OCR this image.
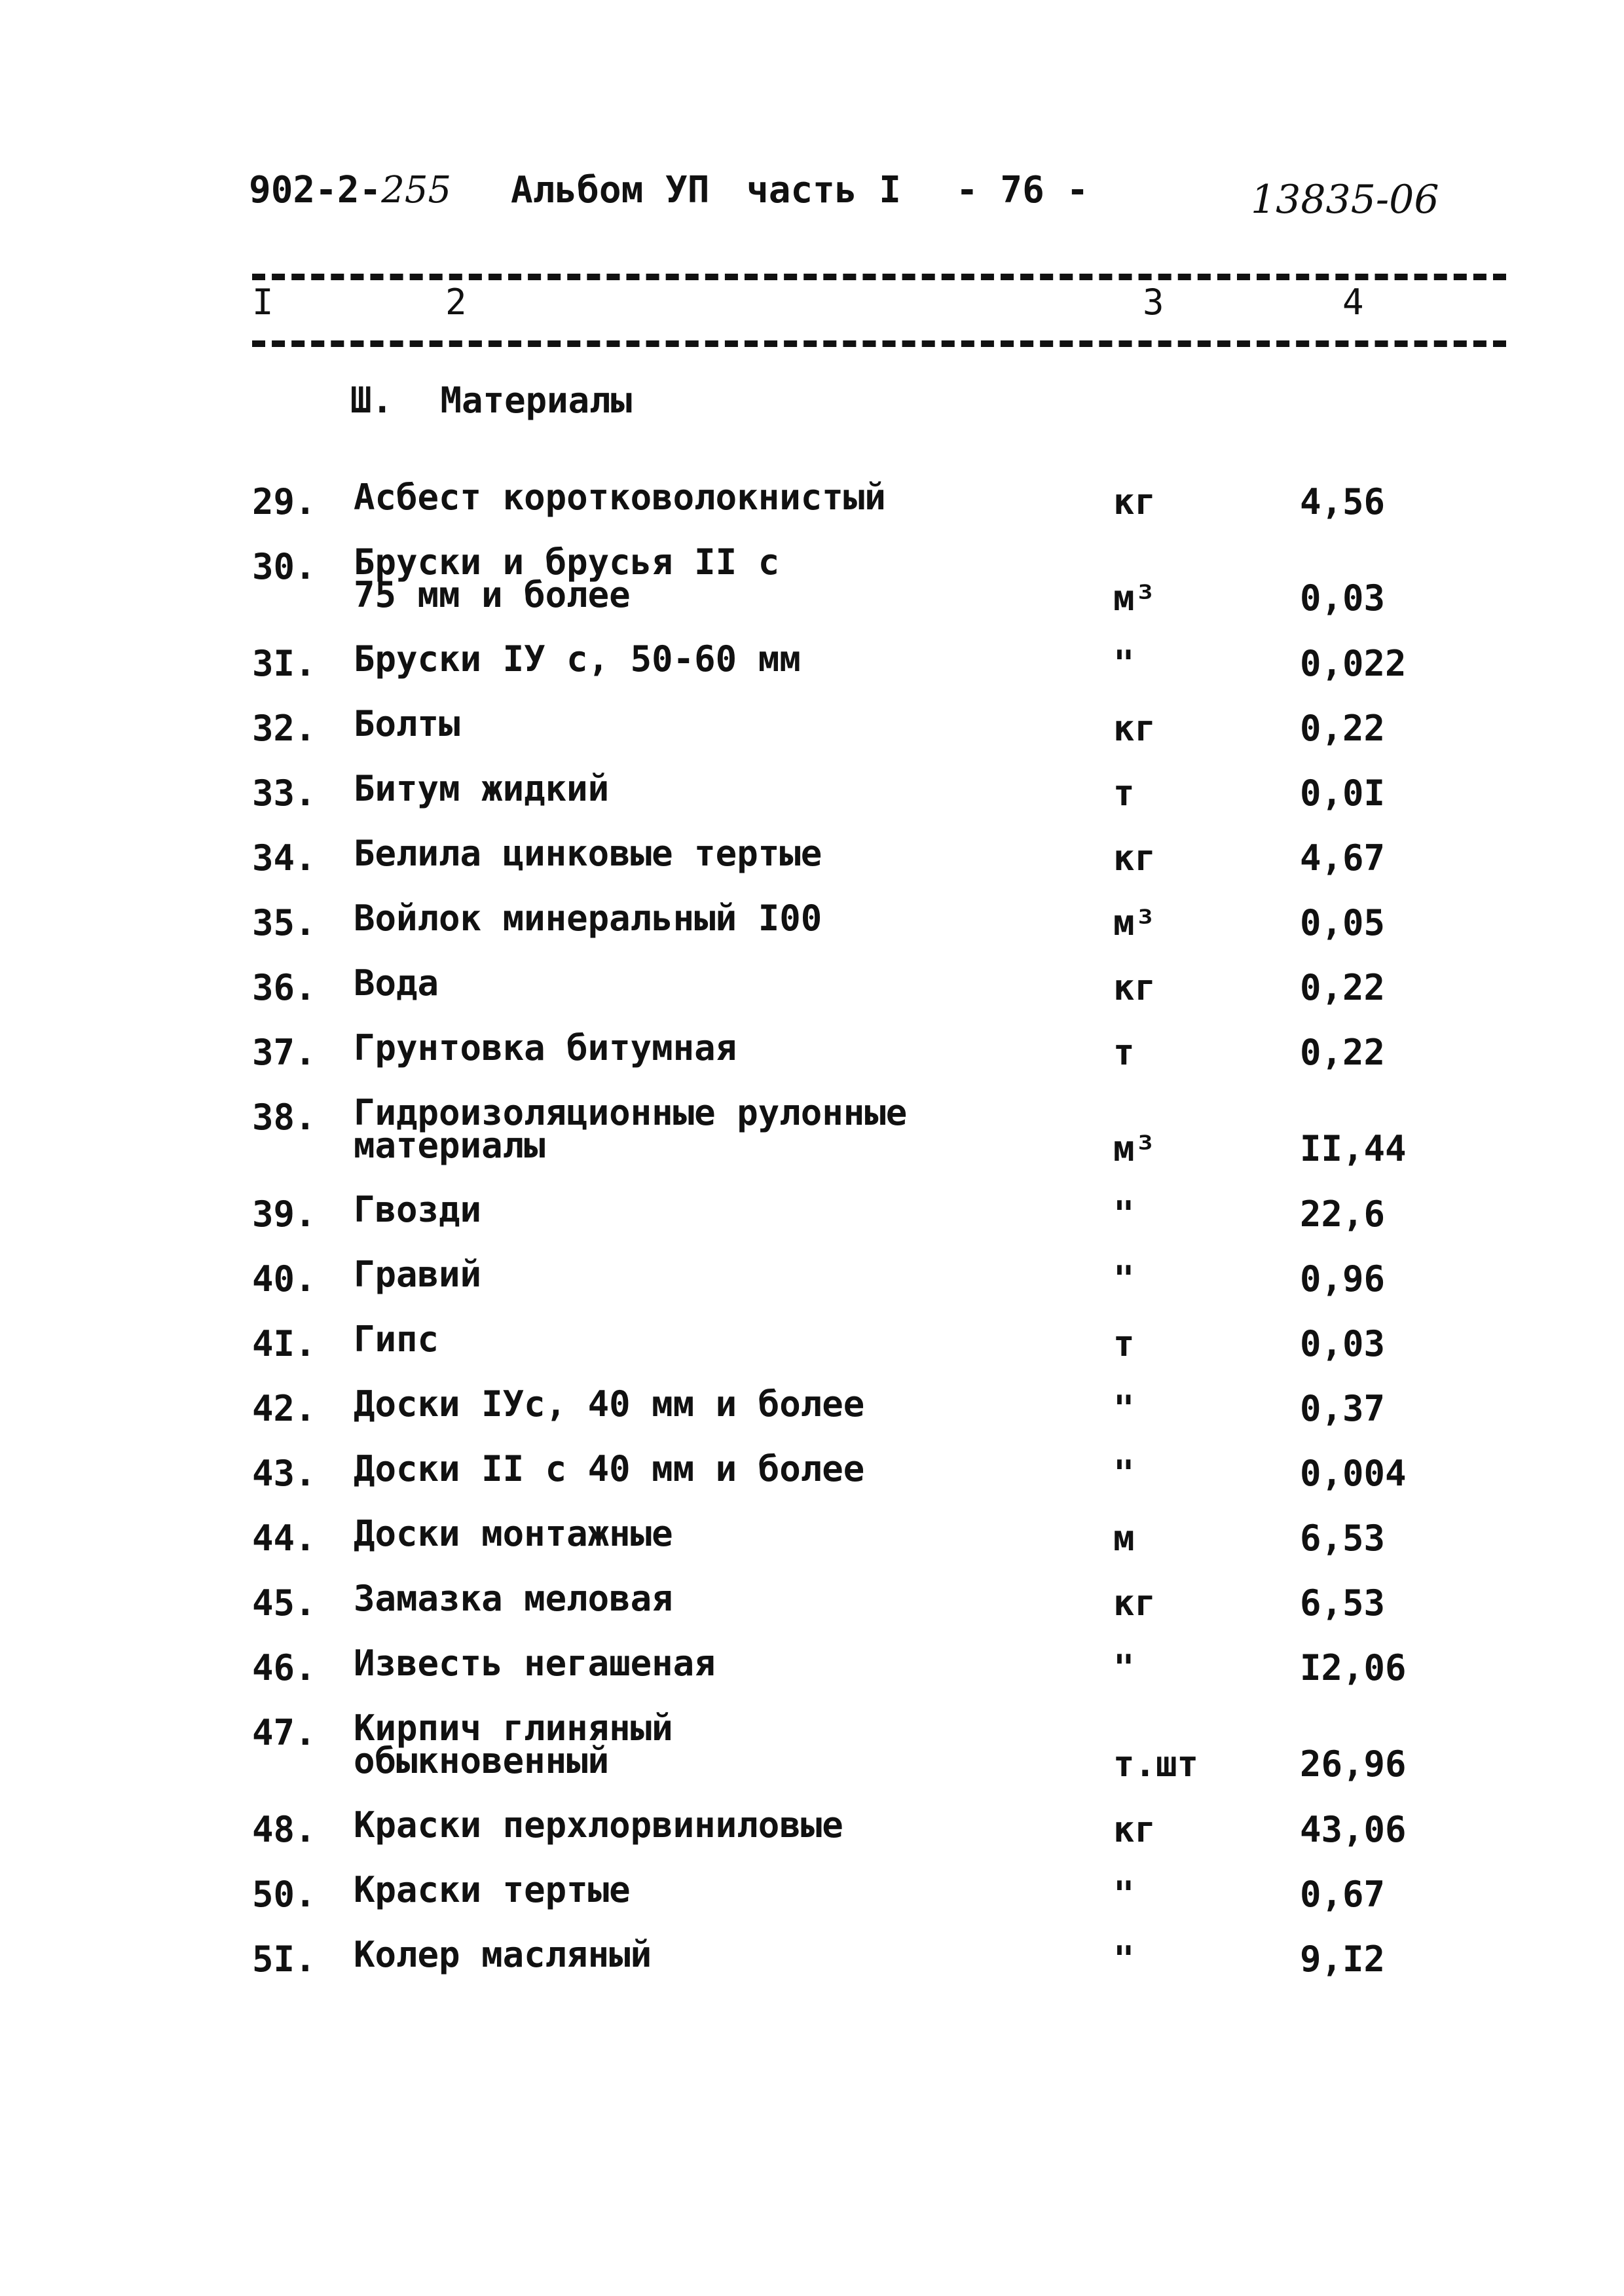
902-2-255 Альбом УП часть I - 76 -	13835-06
I	2	3	4
Ш. Материалы
29.	Асбест коротковолокнистый	кг	4,56
30.	Бруски и брусья II с
75 мм и более	м³	0,03
3I.	Бруски IУ с, 50-60 мм	"	0,022
32.	Болты	кг	0,22
33.	Битум жидкий	т	0,0I
34.	Белила цинковые тертые	кг	4,67
35.	Войлок минеральный I00	м³	0,05
36.	Вода	кг	0,22
37.	Грунтовка битумная	т	0,22
38.	Гидроизоляционные рулонные
материалы	м³	II,44
39.	Гвозди	"	22,6
40.	Гравий	"	0,96
4I.	Гипс	т	0,03
42.	Доски IУс, 40 мм и более	"	0,37
43.	Доски II с 40 мм и более	"	0,004
44.	Доски монтажные	м	6,53
45.	Замазка меловая	кг	6,53
46.	Известь негашеная	"	I2,06
47.	Кирпич глиняный
обыкновенный	т.шт	26,96
48.	Краски перхлорвиниловые	кг	43,06
50.	Краски тертые	"	0,67
5I.	Колер масляный	"	9,I2
